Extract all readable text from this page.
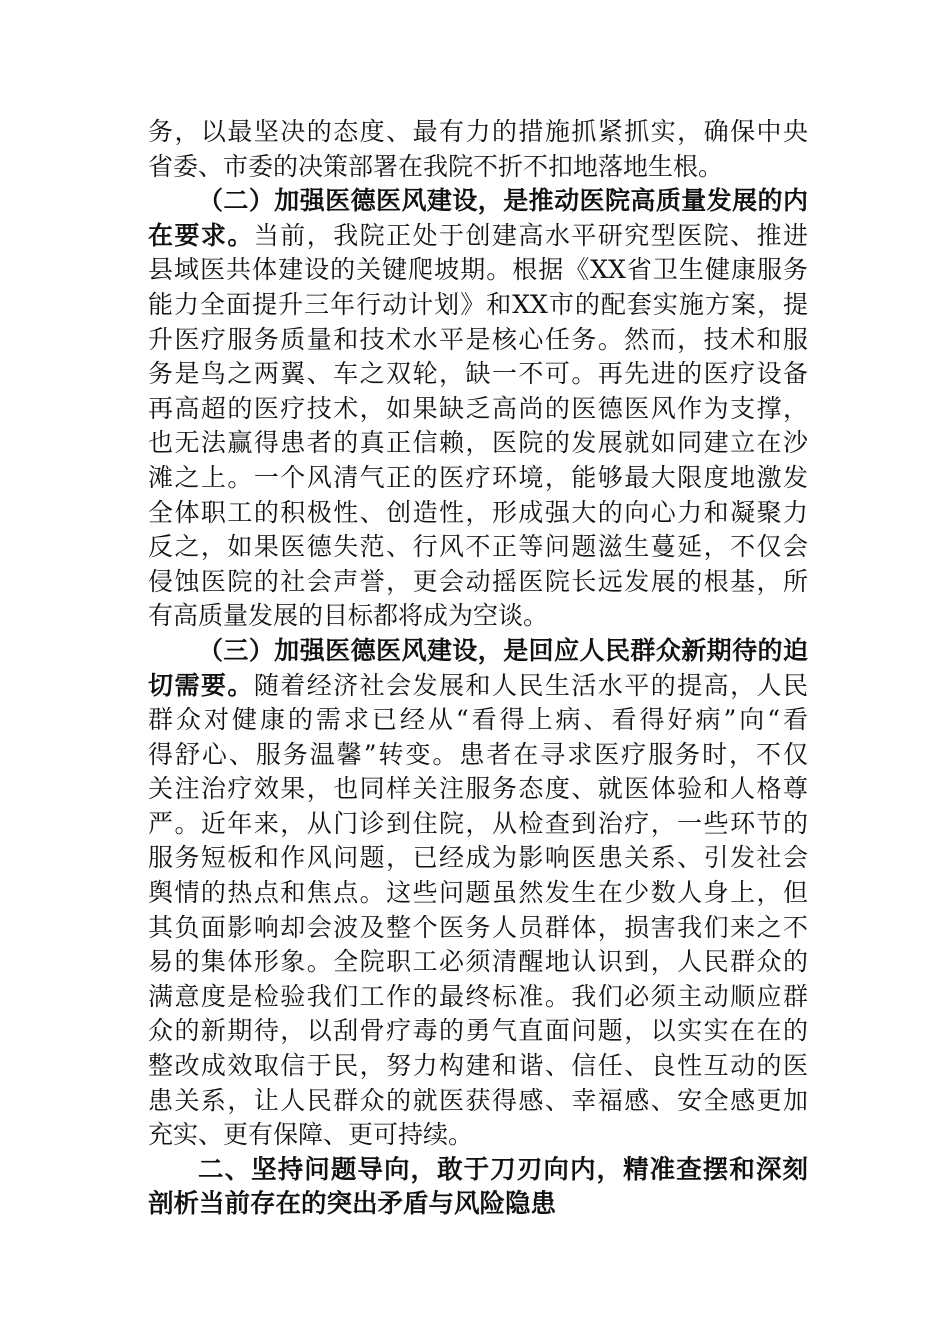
务，以最坚决的态度、最有力的措施抓紧抓实，确保中央
省委、市委的决策部署在我院不折不扣地落地生根。
（二）加强医德医风建设，是推动医院高质量发展的内
在要求。当前，我院正处于创建高水平研究型医院、推进
县域医共体建设的关键爬坡期。根据《XX省卫生健康服务
能力全面提升三年行动计划》和XX市的配套实施方案，提
升医疗服务质量和技术水平是核心任务。然而，技术和服
务是鸟之两翼、车之双轮，缺一不可。再先进的医疗设备
再高超的医疗技术，如果缺乏高尚的医德医风作为支撑，
也无法赢得患者的真正信赖，医院的发展就如同建立在沙
滩之上。一个风清气正的医疗环境，能够最大限度地激发
全体职工的积极性、创造性，形成强大的向心力和凝聚力
反之，如果医德失范、行风不正等问题滋生蔓延，不仅会
侵蚀医院的社会声誉，更会动摇医院长远发展的根基，所
有高质量发展的目标都将成为空谈。
（三）加强医德医风建设，是回应人民群众新期待的迫
切需要。随着经济社会发展和人民生活水平的提高，人民
群众对健康的需求已经从“看得上病、看得好病”向“看
得舒心、服务温馨”转变。患者在寻求医疗服务时，不仅
关注治疗效果，也同样关注服务态度、就医体验和人格尊
严。近年来，从门诊到住院，从检查到治疗，一些环节的
服务短板和作风问题，已经成为影响医患关系、引发社会
舆情的热点和焦点。这些问题虽然发生在少数人身上，但
其负面影响却会波及整个医务人员群体，损害我们来之不
易的集体形象。全院职工必须清醒地认识到，人民群众的
满意度是检验我们工作的最终标准。我们必须主动顺应群
众的新期待，以刮骨疗毒的勇气直面问题，以实实在在的
整改成效取信于民，努力构建和谐、信任、良性互动的医
患关系，让人民群众的就医获得感、幸福感、安全感更加
充实、更有保障、更可持续。
二、坚持问题导向，敢于刀刃向内，精准查摆和深刻
剖析当前存在的突出矛盾与风险隐患
